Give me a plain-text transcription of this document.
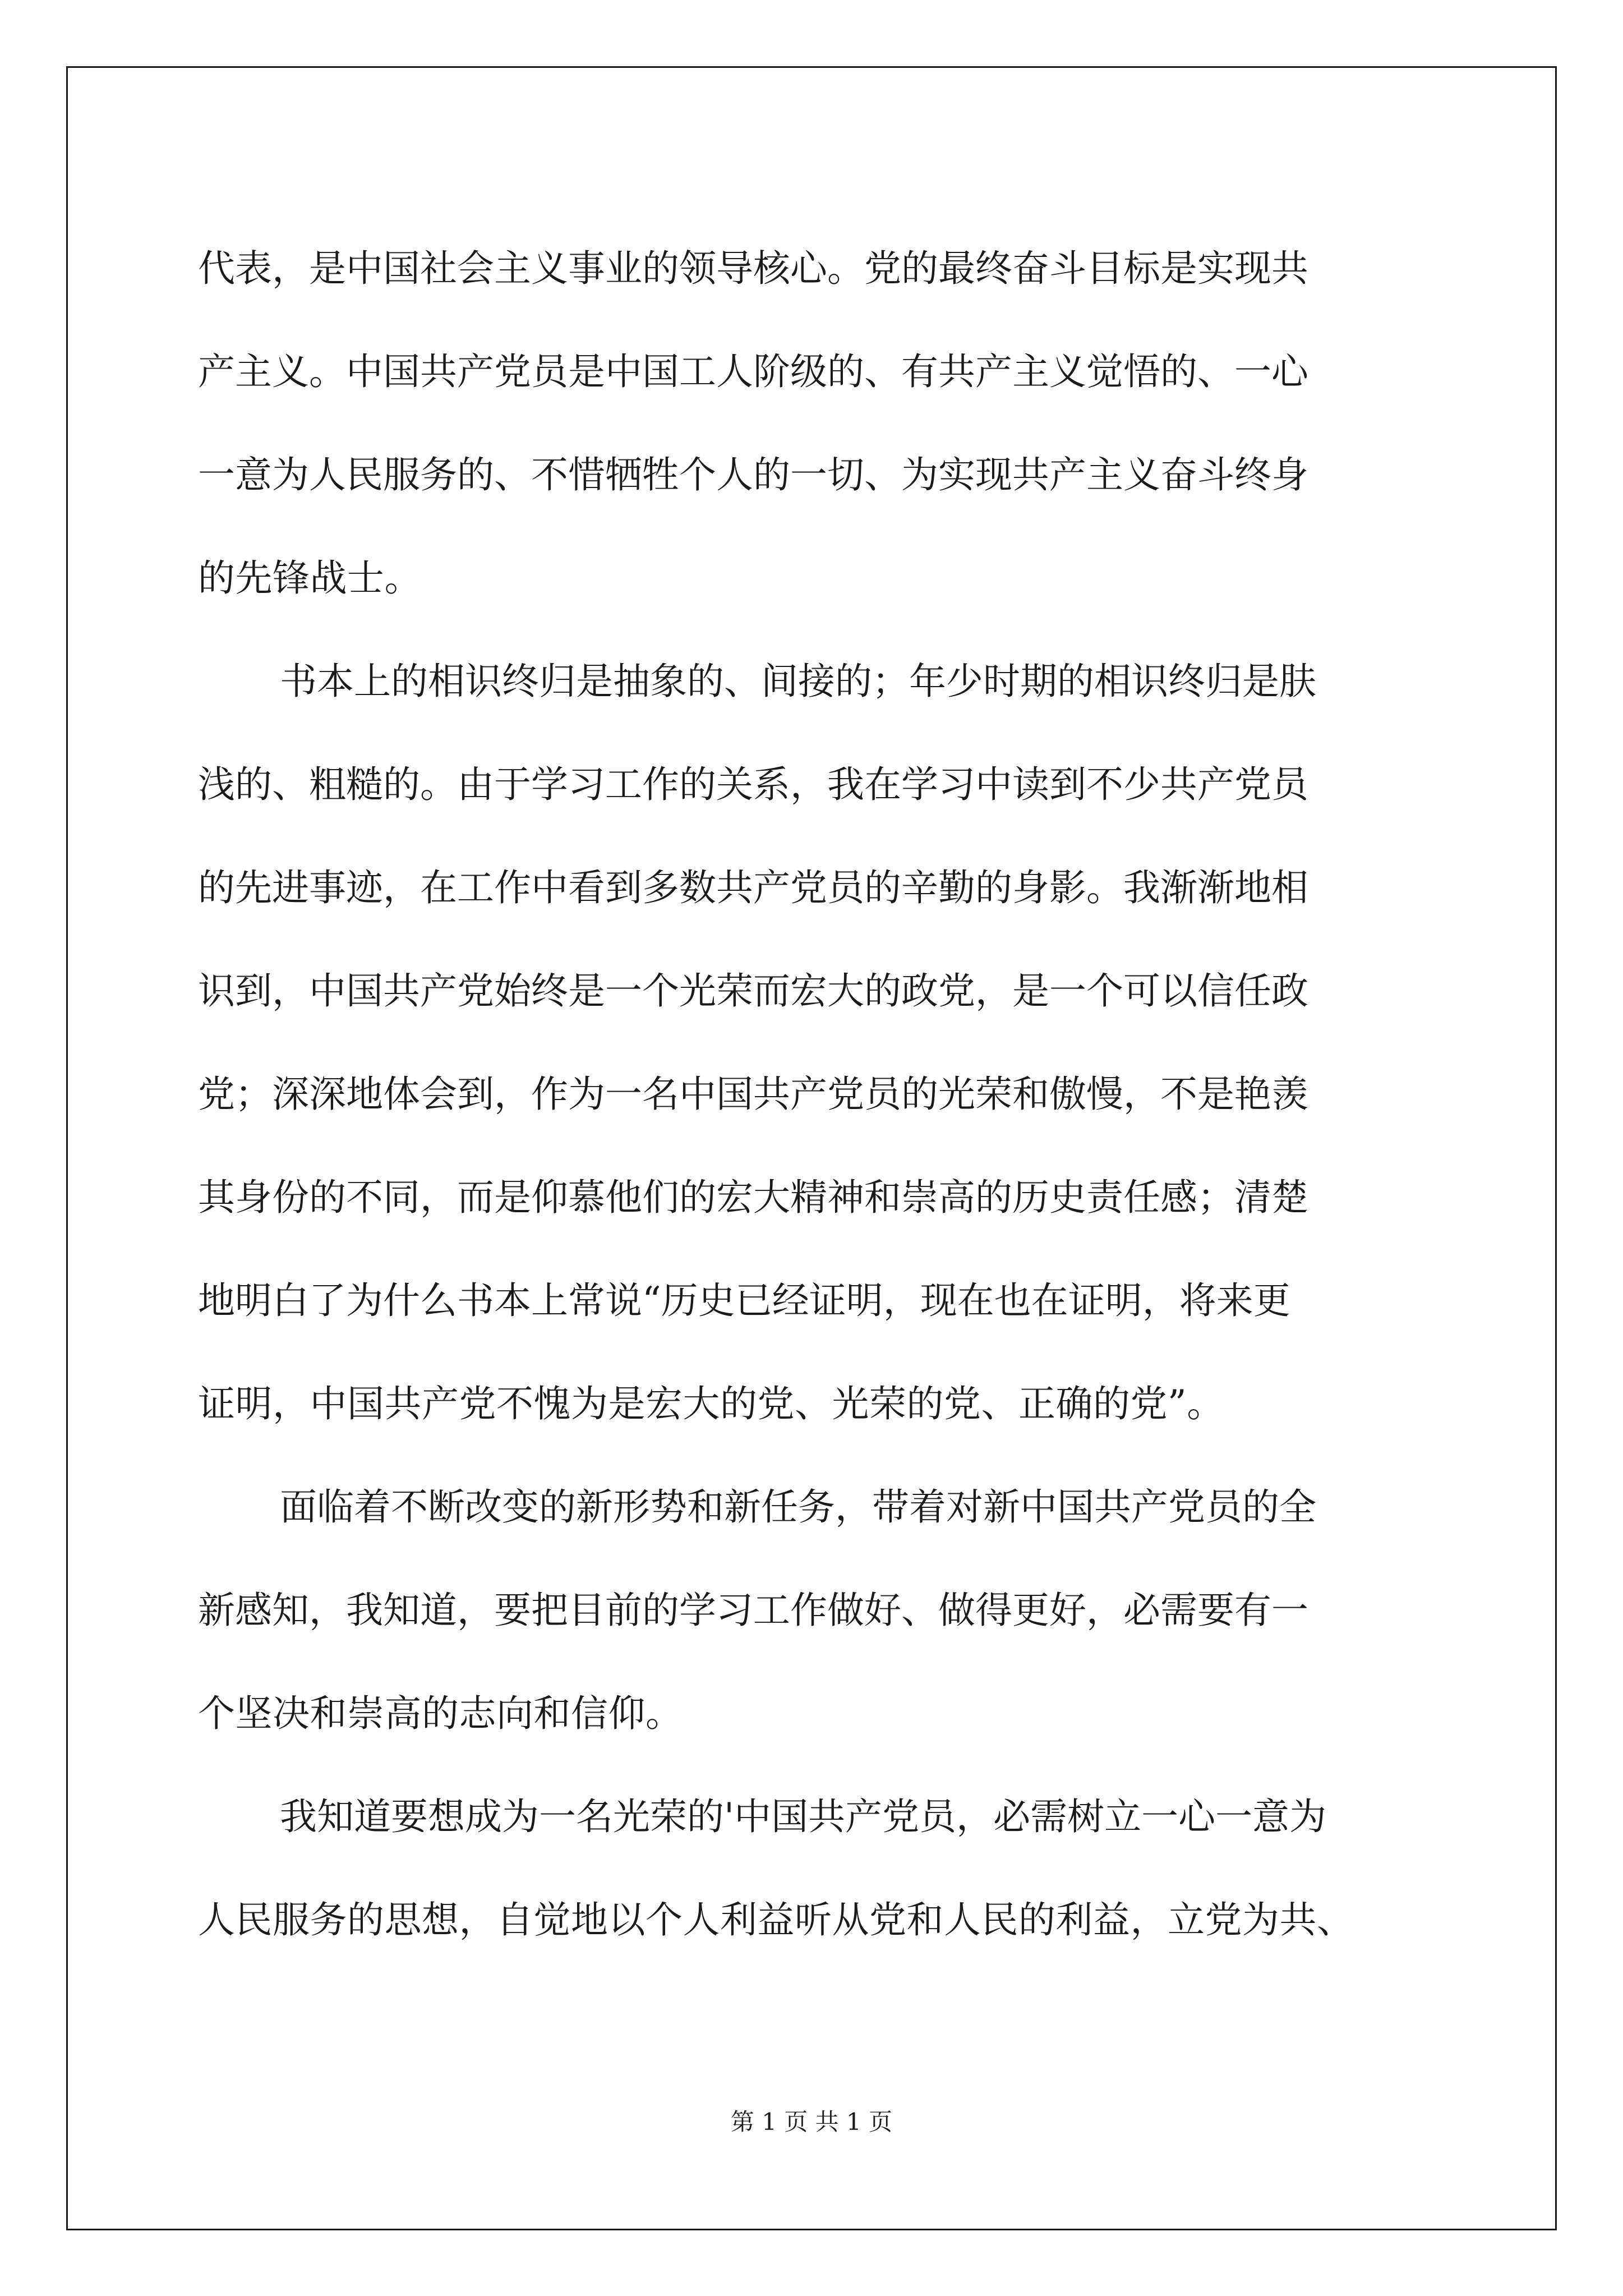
代表，是中国社会主义事业的领导核心。党的最终奋斗目标是实现共
产主义。中国共产党员是中国工人阶级的、有共产主义觉悟的、一心
一意为人民服务的、不惜牺牲个人的一切、为实现共产主义奋斗终身
的先锋战士。
书本上的相识终归是抽象的、间接的；年少时期的相识终归是肤
浅的、粗糙的。由于学习工作的关系，我在学习中读到不少共产党员
的先进事迹，在工作中看到多数共产党员的辛勤的身影。我渐渐地相
识到，中国共产党始终是一个光荣而宏大的政党，是一个可以信任政
党；深深地体会到，作为一名中国共产党员的光荣和傲慢，不是艳羡
其身份的不同，而是仰慕他们的宏大精神和崇高的历史责任感；清楚
地明白了为什么书本上常说“历史已经证明，现在也在证明，将来更
证明，中国共产党不愧为是宏大的党、光荣的党、正确的党”。
面临着不断改变的新形势和新任务，带着对新中国共产党员的全
新感知，我知道，要把目前的学习工作做好、做得更好，必需要有一
个坚决和崇高的志向和信仰。
我知道要想成为一名光荣的'中国共产党员，必需树立一心一意为
人民服务的思想，自觉地以个人利益听从党和人民的利益，立党为共、
第 1 页 共 1 页
